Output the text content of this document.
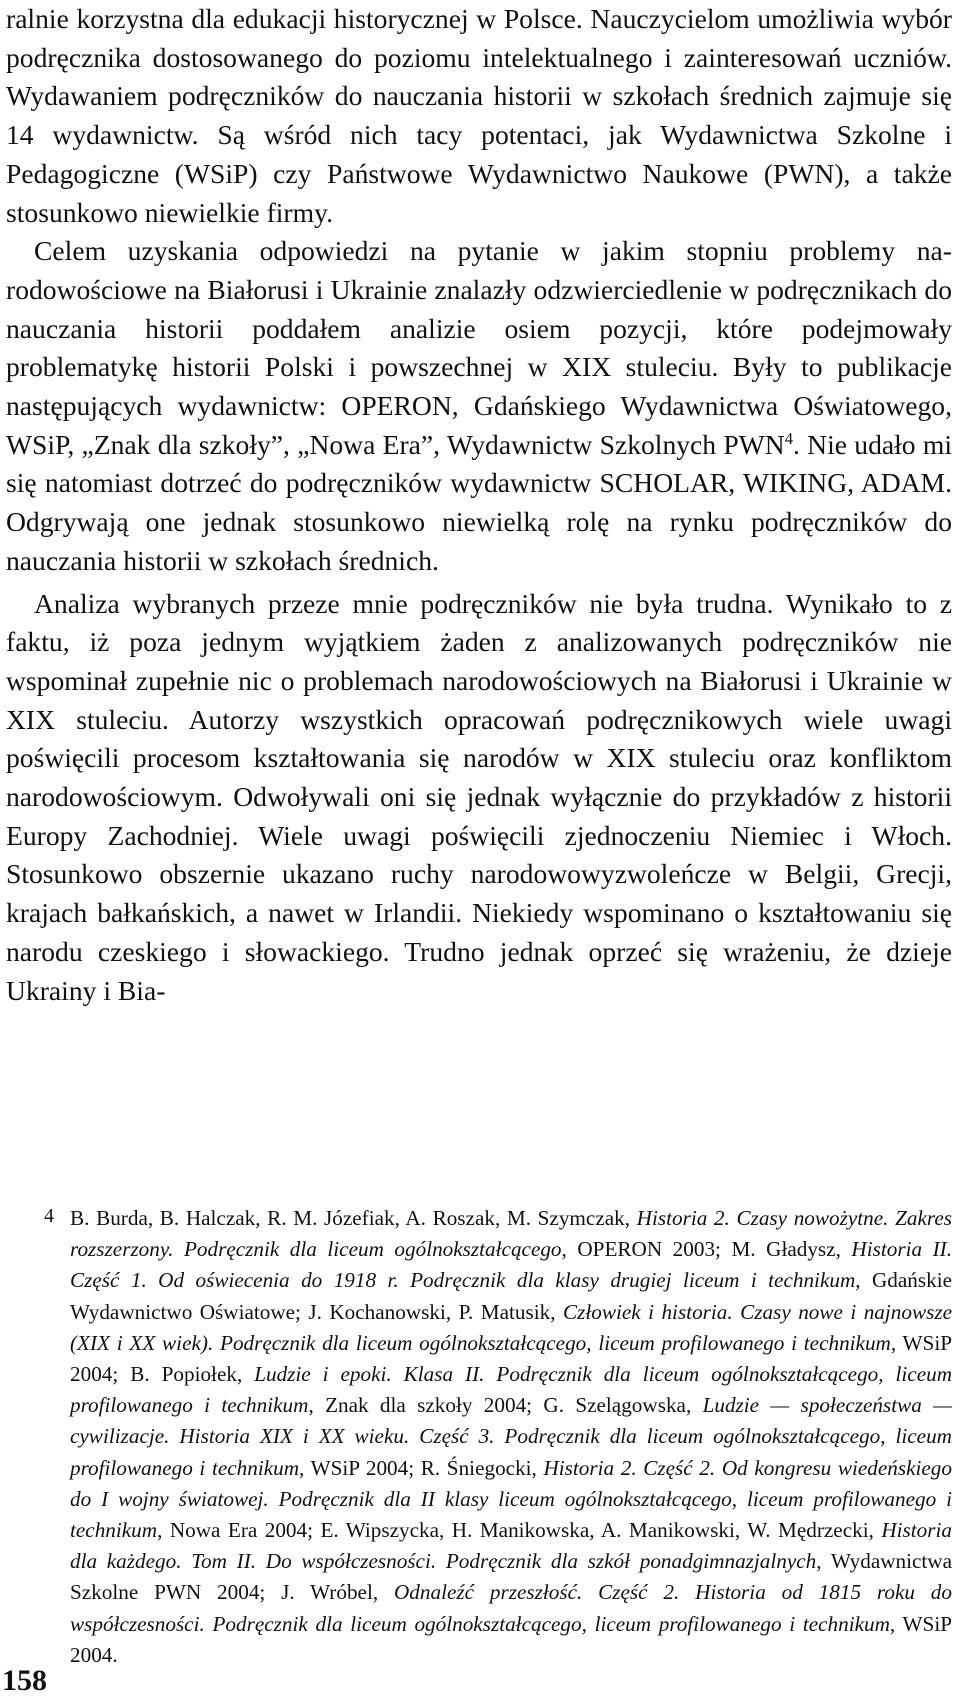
ralnie korzystna dla edukacji historycznej w Polsce. Nauczycielom umożliwia wybór podręcznika dostosowanego do poziomu intelektualnego i zainteresowań uczniów. Wydawaniem podręczników do nauczania historii w szkołach średnich zajmuje się 14 wydawnictw. Są wśród nich tacy potentaci, jak Wydawnictwa Szkolne i Pedagogiczne (WSiP) czy Państwowe Wydawnictwo Naukowe (PWN), a także stosunkowo niewielkie firmy.

Celem uzyskania odpowiedzi na pytanie w jakim stopniu problemy narodowościowe na Białorusi i Ukrainie znalazły odzwierciedlenie w podręcznikach do nauczania historii poddałem analizie osiem pozycji, które podejmowały problematykę historii Polski i powszechnej w XIX stuleciu. Były to publikacje następujących wydawnictw: OPERON, Gdańskiego Wydawnictwa Oświatowego, WSiP, „Znak dla szkoły”, „Nowa Era”, Wydawnictw Szkolnych PWN$^4$. Nie udało mi się natomiast dotrzeć do podręczników wydawnictw SCHOLAR, WIKING, ADAM. Odgrywają one jednak stosunkowo niewielką rolę na rynku podręczników do nauczania historii w szkołach średnich.

Analiza wybranych przeze mnie podręczników nie była trudna. Wynikało to z faktu, iż poza jednym wyjątkiem żaden z analizowanych podręczników nie wspominał zupełnie nic o problemach narodowościowych na Białorusi i Ukrainie w XIX stuleciu. Autorzy wszystkich opracowań podręcznikowych wiele uwagi poświęcili procesom kształtowania się narodów w XIX stuleciu oraz konfliktom narodowościowym. Odwoływali oni się jednak wyłącznie do przykładów z historii Europy Zachodniej. Wiele uwagi poświęcili zjednoczeniu Niemiec i Włoch. Stosunkowo obszernie ukazano ruchy narodowowyzwoleńcze w Belgii, Grecji, krajach bałkańskich, a nawet w Irlandii. Niekiedy wspominano o kształtowaniu się narodu czeskiego i słowackiego. Trudno jednak oprzeć się wrażeniu, że dzieje Ukrainy i Bia-

4 B. Burda, B. Halczak, R. M. Józefiak, A. Roszak, M. Szymczak, Historia 2. Czasy nowożytne. Zakres rozszerzony. Podręcznik dla liceum ogólnokształcącego, OPERON 2003; M. Gładysz, Historia II. Część 1. Od oświecenia do 1918 r. Podręcznik dla klasy drugiej liceum i technikum, Gdańskie Wydawnictwo Oświatowe; J. Kochanowski, P. Matusik, Człowiek i historia. Czasy nowe i najnowsze (XIX i XX wiek). Podręcznik dla liceum ogólnokształcącego, liceum profilowanego i technikum, WSiP 2004; B. Popiołek, Ludzie i epoki. Klasa II. Podręcznik dla liceum ogólnokształcącego, liceum profilowanego i technikum, Znak dla szkoły 2004; G. Szelągowska, Ludzie — społeczeństwa — cywilizacje. Historia XIX i XX wieku. Część 3. Podręcznik dla liceum ogólnokształcącego, liceum profilowanego i technikum, WSiP 2004; R. Śniegocki, Historia 2. Część 2. Od kongresu wiedeńskiego do I wojny światowej. Podręcznik dla II klasy liceum ogólnokształcącego, liceum profilowanego i technikum, Nowa Era 2004; E. Wipszycka, H. Manikowska, A. Manikowski, W. Mędrzecki, Historia dla każdego. Tom II. Do współczesności. Podręcznik dla szkół ponadgimnazjalnych, Wydawnictwa Szkolne PWN 2004; J. Wróbel, Odnaleźć przeszłość. Część 2. Historia od 1815 roku do współczesności. Podręcznik dla liceum ogólnokształcącego, liceum profilowanego i technikum, WSiP 2004.
158
